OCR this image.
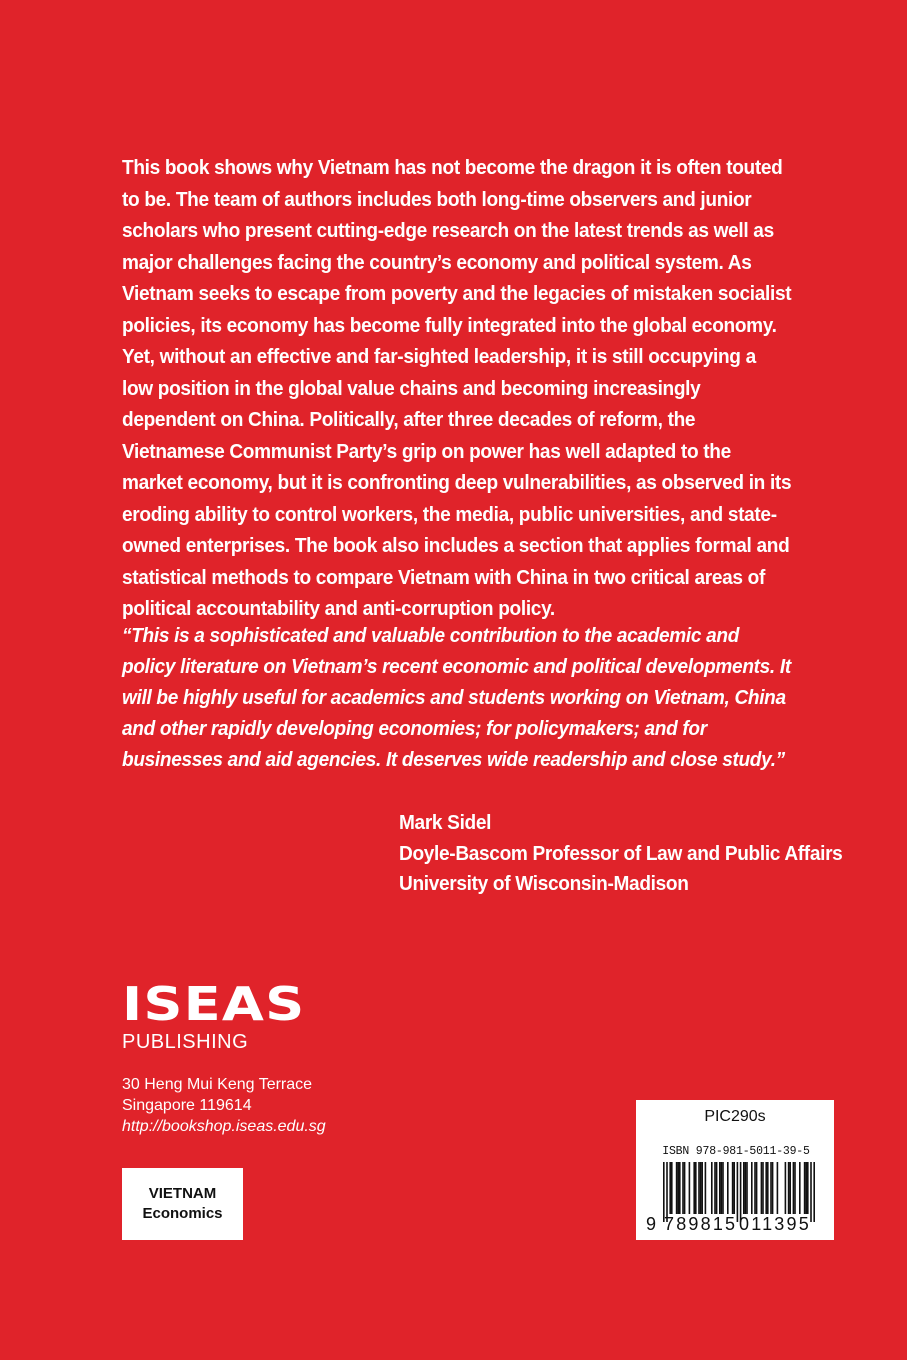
This book shows why Vietnam has not become the dragon it is often touted to be. The team of authors includes both long-time observers and junior scholars who present cutting-edge research on the latest trends as well as major challenges facing the country’s economy and political system. As Vietnam seeks to escape from poverty and the legacies of mistaken socialist policies, its economy has become fully integrated into the global economy. Yet, without an effective and far-sighted leadership, it is still occupying a low position in the global value chains and becoming increasingly dependent on China. Politically, after three decades of reform, the Vietnamese Communist Party’s grip on power has well adapted to the market economy, but it is confronting deep vulnerabilities, as observed in its eroding ability to control workers, the media, public universities, and state-owned enterprises. The book also includes a section that applies formal and statistical methods to compare Vietnam with China in two critical areas of political accountability and anti-corruption policy.

“This is a sophisticated and valuable contribution to the academic and policy literature on Vietnam’s recent economic and political developments. It will be highly useful for academics and students working on Vietnam, China and other rapidly developing economies; for policymakers; and for businesses and aid agencies. It deserves wide readership and close study.”

Mark Sidel
Doyle-Bascom Professor of Law and Public Affairs
University of Wisconsin-Madison
ISEAS
PUBLISHING
30 Heng Mui Keng Terrace
Singapore 119614
http://bookshop.iseas.edu.sg
VIETNAM
Economics
PIC290s
ISBN 978-981-5011-39-5
9 789815 011395
